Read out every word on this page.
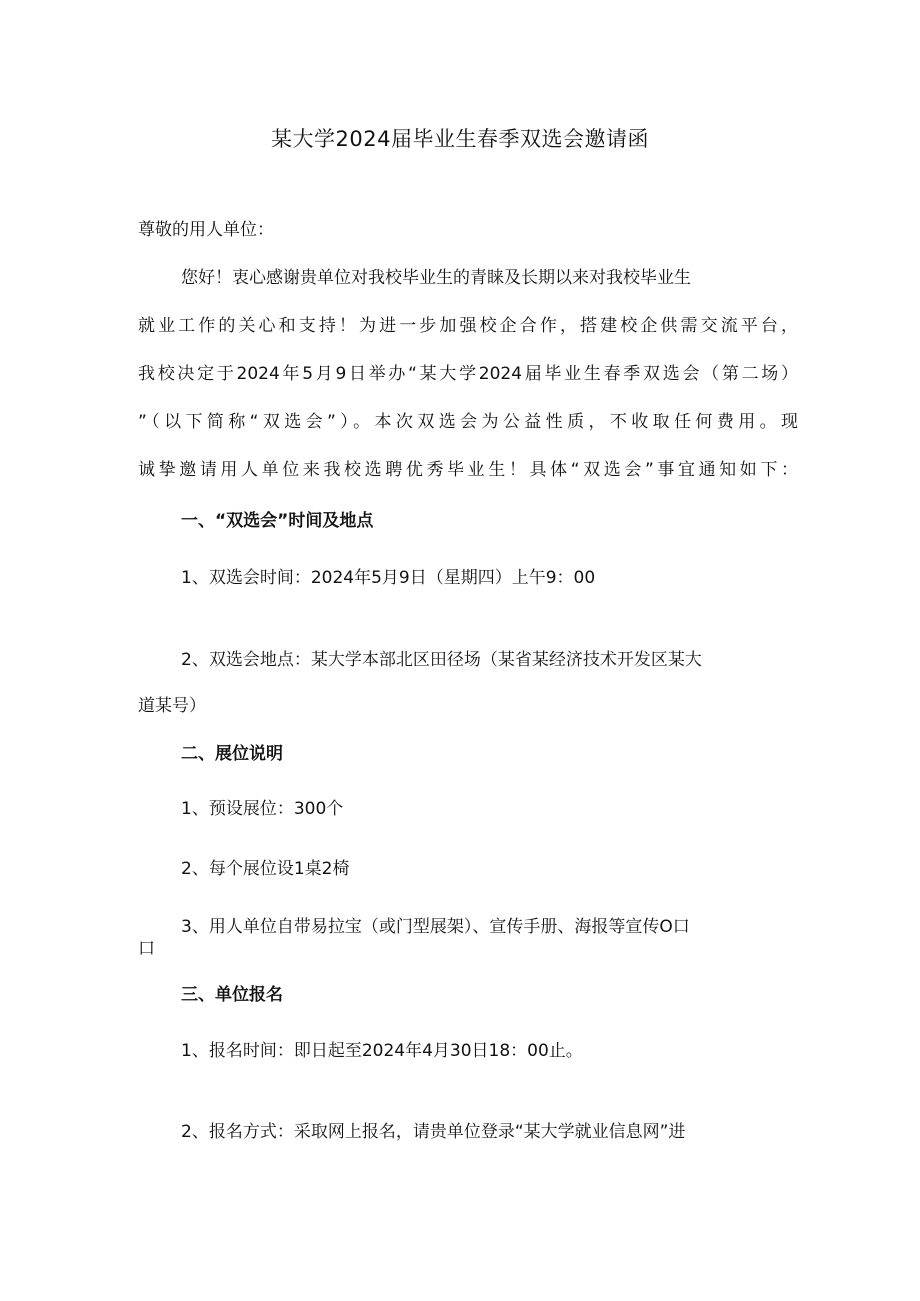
某大学2024届毕业生春季双选会邀请函
尊敬的用人单位：
您好！衷心感谢贵单位对我校毕业生的青睐及长期以来对我校毕业生
就业工作的关心和支持！为进一步加强校企合作，搭建校企供需交流平台，
我校决定于2024年5月9日举办“某大学2024届毕业生春季双选会（第二场）
”（以下简称“双选会”）。本次双选会为公益性质，不收取任何费用。现
诚挚邀请用人单位来我校选聘优秀毕业生！具体“双选会”事宜通知如下：
一、“双选会”时间及地点
1、双选会时间：2024年5月9日（星期四）上午9：00
2、双选会地点：某大学本部北区田径场（某省某经济技术开发区某大
道某号）
二、展位说明
1、预设展位：300个
2、每个展位设1桌2椅
3、用人单位自带易拉宝（或门型展架）、宣传手册、海报等宣传O口
口
三、单位报名
1、报名时间：即日起至2024年4月30日18：00止。
2、报名方式：采取网上报名，请贵单位登录“某大学就业信息网”进
